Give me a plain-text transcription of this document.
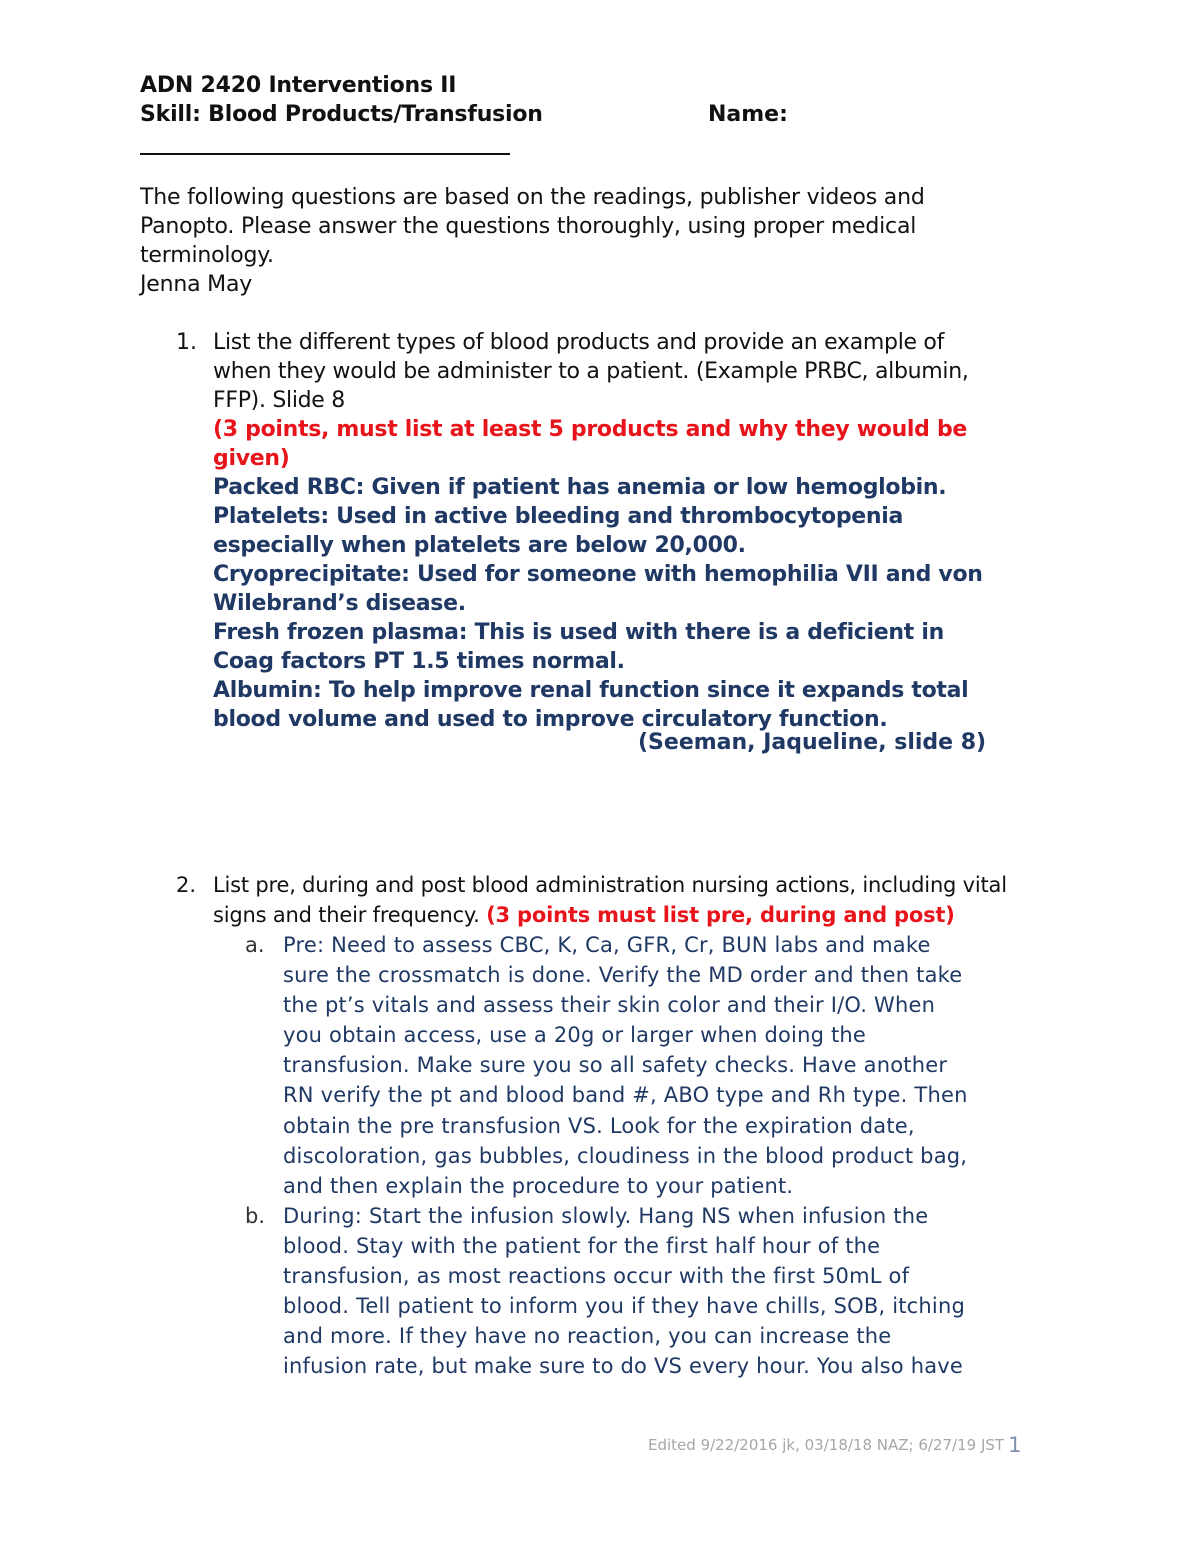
ADN 2420 Interventions II
Skill: Blood Products/Transfusion	Name:
The following questions are based on the readings, publisher videos and
Panopto. Please answer the questions thoroughly, using proper medical
terminology.
Jenna May
1. List the different types of blood products and provide an example of
when they would be administer to a patient. (Example PRBC, albumin,
FFP). Slide 8
(3 points, must list at least 5 products and why they would be
given)
Packed RBC: Given if patient has anemia or low hemoglobin.
Platelets: Used in active bleeding and thrombocytopenia
especially when platelets are below 20,000.
Cryoprecipitate: Used for someone with hemophilia VII and von
Wilebrand’s disease.
Fresh frozen plasma: This is used with there is a deficient in
Coag factors PT 1.5 times normal.
Albumin: To help improve renal function since it expands total
blood volume and used to improve circulatory function.
(Seeman, Jaqueline, slide 8)
2. List pre, during and post blood administration nursing actions, including vital
signs and their frequency. (3 points must list pre, during and post)
a. Pre: Need to assess CBC, K, Ca, GFR, Cr, BUN labs and make
sure the crossmatch is done. Verify the MD order and then take
the pt’s vitals and assess their skin color and their I/O. When
you obtain access, use a 20g or larger when doing the
transfusion. Make sure you so all safety checks. Have another
RN verify the pt and blood band #, ABO type and Rh type. Then
obtain the pre transfusion VS. Look for the expiration date,
discoloration, gas bubbles, cloudiness in the blood product bag,
and then explain the procedure to your patient.
b. During: Start the infusion slowly. Hang NS when infusion the
blood. Stay with the patient for the first half hour of the
transfusion, as most reactions occur with the first 50mL of
blood. Tell patient to inform you if they have chills, SOB, itching
and more. If they have no reaction, you can increase the
infusion rate, but make sure to do VS every hour. You also have
Edited 9/22/2016 jk, 03/18/18 NAZ; 6/27/19 JST 1
